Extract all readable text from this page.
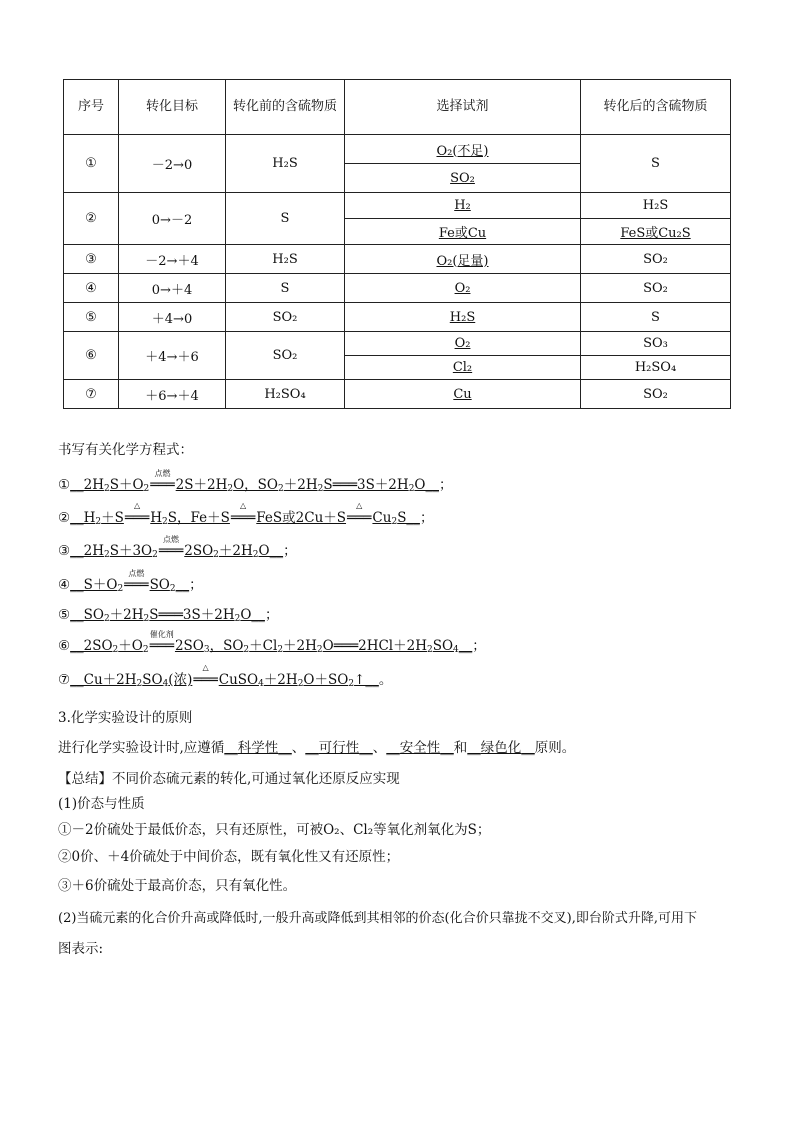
序号	转化目标	转化前的含硫物质	选择试剂	转化后的含硫物质
①	－2→0	H₂S	O₂(不足)	S
			SO₂	
②	0→－2	S	H₂	H₂S
			Fe或Cu	FeS或Cu₂S
③	－2→＋4	H₂S	O₂(足量)	SO₂
④	0→＋4	S	O₂	SO₂
⑤	＋4→0	SO₂	H₂S	S
⑥	＋4→＋6	SO₂	O₂	SO₃
			Cl₂	H₂SO₄
⑦	＋6→＋4	H₂SO₄	Cu	SO₂
书写有关化学方程式：
$①\_\_2H_2S+O_2$
点燃
$═══2S+2H_2O$，$SO_2+2H_2S═══3S+2H_2O\_\_$；
$②\_\_H_2+S$
△
$═══H_2S$，Fe＋S
△
═══FeS或2Cu＋S
△
$═══Cu_2S\_\_$；
$③\_\_2H_2S+3O_2$
点燃
$═══2SO_2+2H_2O\_\_$；
$④\_\_S+O_2$
点燃
$═══SO_2\_\_$；
$⑤\_\_SO_2+2H_2S═══3S+2H_2O\_\_$；
$⑥\_\_2SO_2+O_2$
催化剂
$═══2SO_3$，$SO_2+Cl_2+2H_2O═══2HCl+2H_2SO_4\_\_$；
$⑦\_\_Cu+2H_2SO_4$(浓)
△
$═══CuSO_4+2H_2O+SO_2↑\_\_$。
3.化学实验设计的原则
进行化学实验设计时,应遵循__科学性__、__可行性__、__安全性__和__绿色化__原则。
【总结】不同价态硫元素的转化,可通过氧化还原反应实现
(1)价态与性质
①－2价硫处于最低价态，只有还原性，可被O₂、Cl₂等氧化剂氧化为S；
②0价、＋4价硫处于中间价态，既有氧化性又有还原性；
③＋6价硫处于最高价态，只有氧化性。
(2)当硫元素的化合价升高或降低时,一般升高或降低到其相邻的价态(化合价只靠拢不交叉),即台阶式升降,可用下
图表示:
